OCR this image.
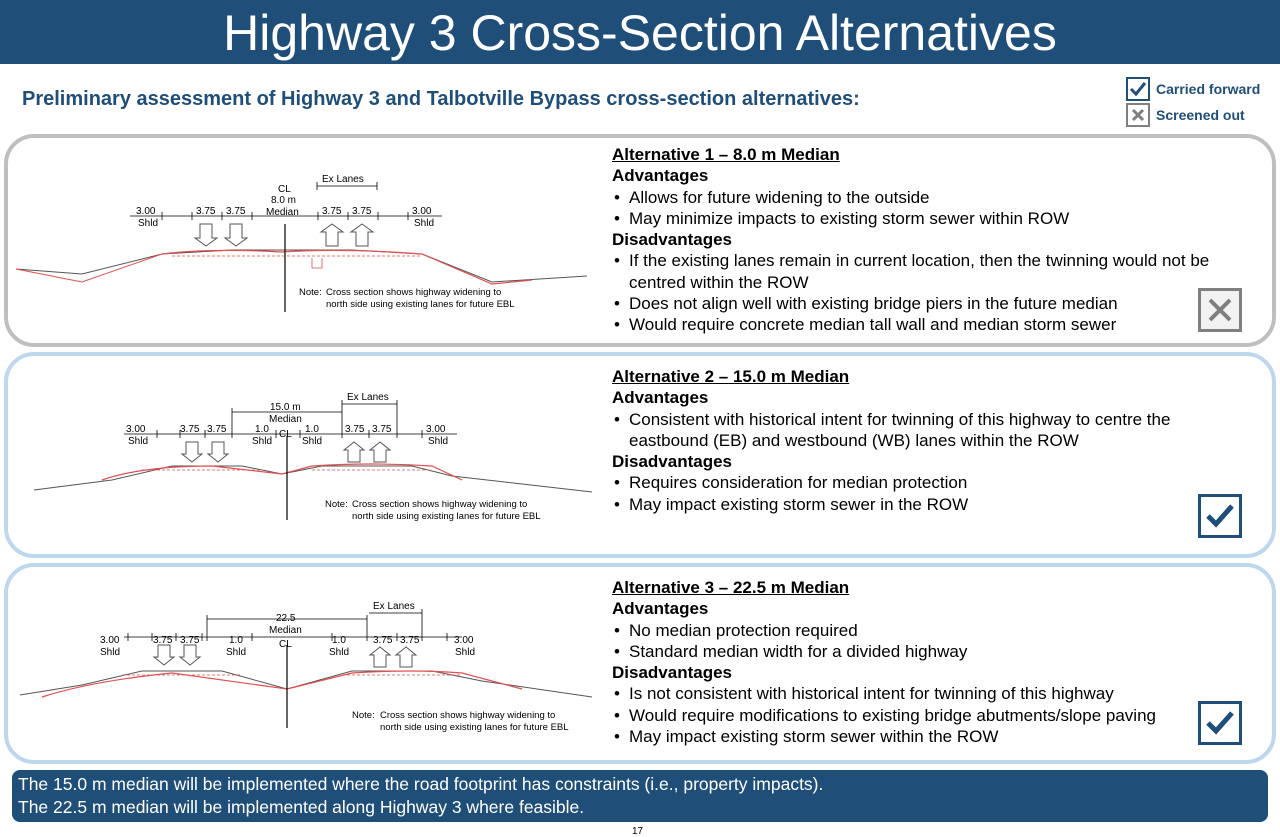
Highway 3 Cross-Section Alternatives
Preliminary assessment of Highway 3 and Talbotville Bypass cross-section alternatives:	Carried forward
Screened out
Ex Lanes
CL
8.0 m
Median
3.00
Shld
3.75 3.75	3.75 3.75	3.00
Shld
Note: Cross section shows highway widening to
north side using existing lanes for future EBL
Alternative 1 – 8.0 m Median
Advantages
• Allows for future widening to the outside
• May minimize impacts to existing storm sewer within ROW
Disadvantages
• If the existing lanes remain in current location, then the twinning would not be centred within the ROW
• Does not align well with existing bridge piers in the future median
• Would require concrete median tall wall and median storm sewer
Ex Lanes
15.0 m
Median
CL
3.00
Shld
3.75 3.75	1.0
Shld
1.0
Shld
3.75 3.75	3.00
Shld
Note: Cross section shows highway widening to
north side using existing lanes for future EBL
Alternative 2 – 15.0 m Median
Advantages
• Consistent with historical intent for twinning of this highway to centre the eastbound (EB) and westbound (WB) lanes within the ROW
Disadvantages
• Requires consideration for median protection
• May impact existing storm sewer in the ROW
Ex Lanes
22.5
Median
CL
3.00
Shld
3.75 3.75	1.0
Shld
1.0
Shld
3.75 3.75	3.00
Shld
Note: Cross section shows highway widening to
north side using existing lanes for future EBL
Alternative 3 – 22.5 m Median
Advantages
• No median protection required
• Standard median width for a divided highway
Disadvantages
• Is not consistent with historical intent for twinning of this highway
• Would require modifications to existing bridge abutments/slope paving
• May impact existing storm sewer within the ROW
The 15.0 m median will be implemented where the road footprint has constraints (i.e., property impacts).
The 22.5 m median will be implemented along Highway 3 where feasible.
17
